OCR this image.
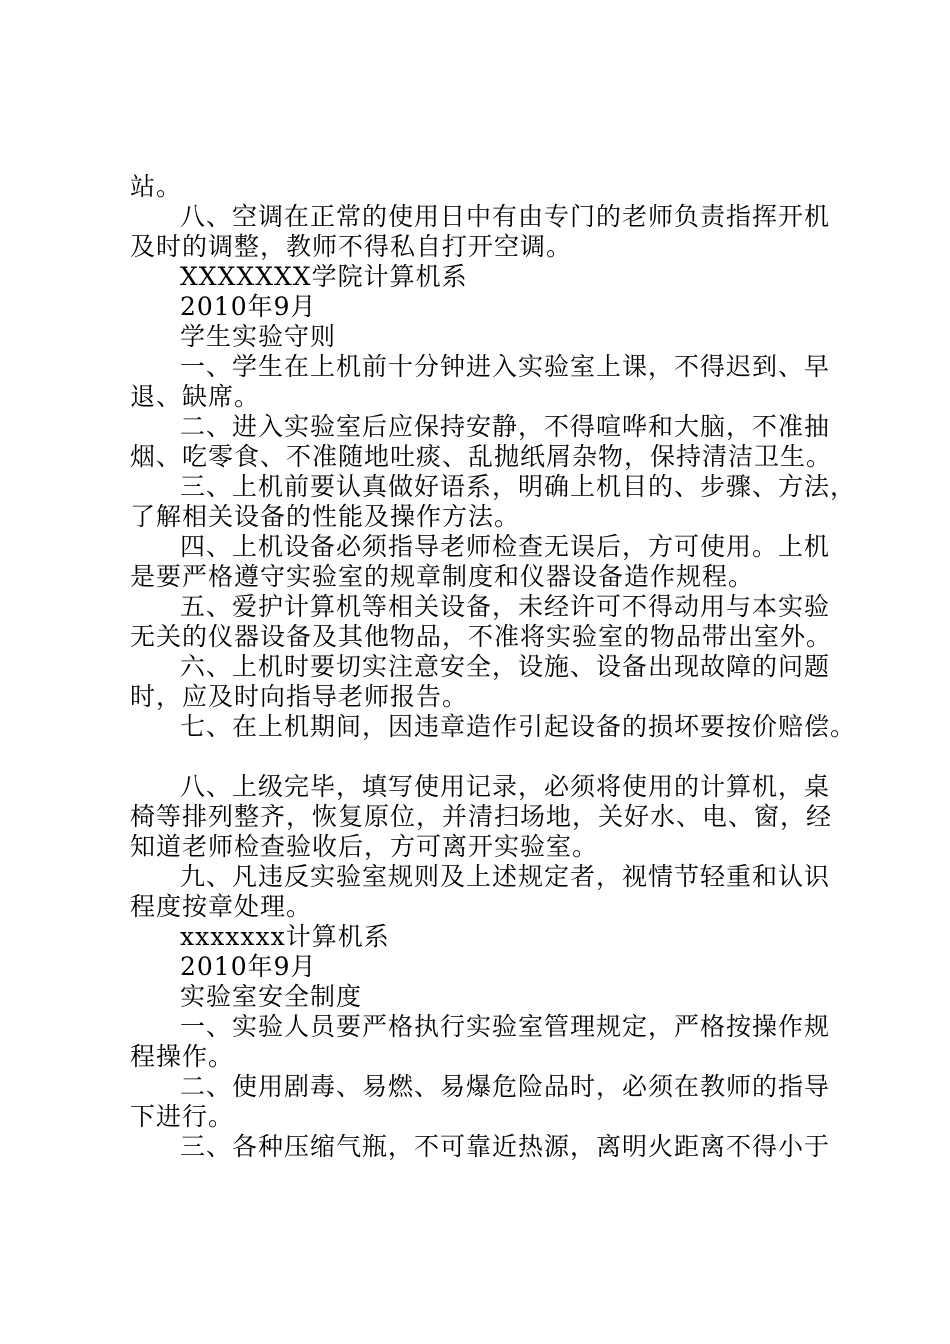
站。
八、空调在正常的使用日中有由专门的老师负责指挥开机
及时的调整，教师不得私自打开空调。
XXXXXXX学院计算机系
2010年9月
学生实验守则
一、学生在上机前十分钟进入实验室上课，不得迟到、早
退、缺席。
二、进入实验室后应保持安静，不得喧哗和大脑，不准抽
烟、吃零食、不准随地吐痰、乱抛纸屑杂物，保持清洁卫生。
三、上机前要认真做好语系，明确上机目的、步骤、方法，
了解相关设备的性能及操作方法。
四、上机设备必须指导老师检查无误后，方可使用。上机
是要严格遵守实验室的规章制度和仪器设备造作规程。
五、爱护计算机等相关设备，未经许可不得动用与本实验
无关的仪器设备及其他物品，不准将实验室的物品带出室外。
六、上机时要切实注意安全，设施、设备出现故障的问题
时，应及时向指导老师报告。
七、在上机期间，因违章造作引起设备的损坏要按价赔偿。
八、上级完毕，填写使用记录，必须将使用的计算机，桌
椅等排列整齐，恢复原位，并清扫场地，关好水、电、窗，经
知道老师检查验收后，方可离开实验室。
九、凡违反实验室规则及上述规定者，视情节轻重和认识
程度按章处理。
xxxxxxx计算机系
2010年9月
实验室安全制度
一、实验人员要严格执行实验室管理规定，严格按操作规
程操作。
二、使用剧毒、易燃、易爆危险品时，必须在教师的指导
下进行。
三、各种压缩气瓶，不可靠近热源，离明火距离不得小于
